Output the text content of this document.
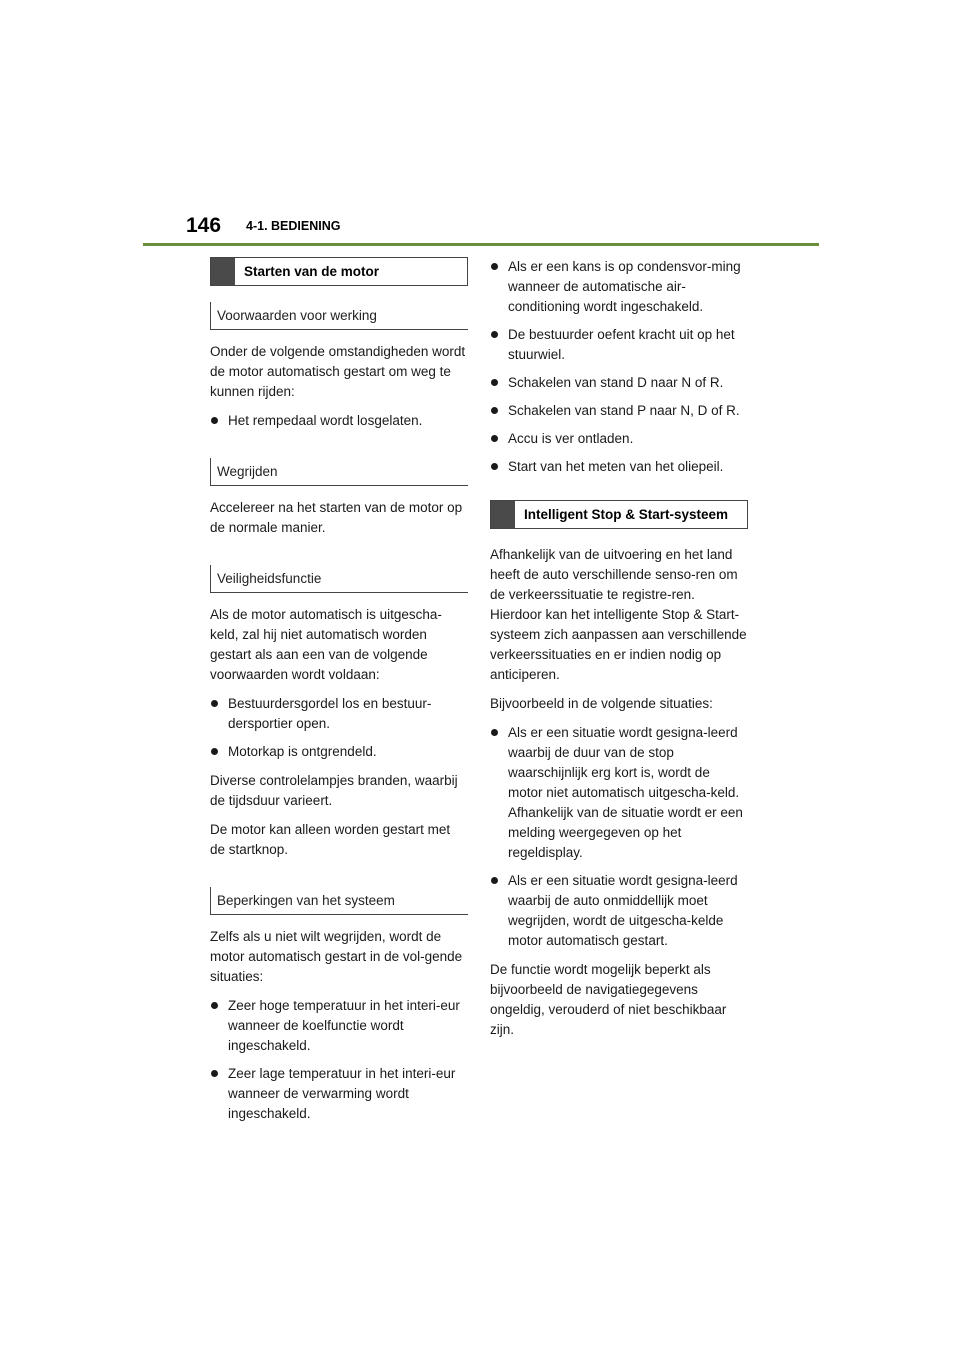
146 4-1. BEDIENING
Starten van de motor
Voorwaarden voor werking

Onder de volgende omstandigheden wordt de motor automatisch gestart om weg te kunnen rijden:

Het rempedaal wordt losgelaten.
Wegrijden

Accelereer na het starten van de motor op de normale manier.

Veiligheidsfunctie

Als de motor automatisch is uitgescha-keld, zal hij niet automatisch worden gestart als aan een van de volgende voorwaarden wordt voldaan:

Bestuurdersgordel los en bestuur-dersportier open.
Motorkap is ontgrendeld.

Diverse controlelampjes branden, waarbij de tijdsduur varieert.

De motor kan alleen worden gestart met de startknop.

Beperkingen van het systeem

Zelfs als u niet wilt wegrijden, wordt de motor automatisch gestart in de vol-gende situaties:

Zeer hoge temperatuur in het interi-eur wanneer de koelfunctie wordt ingeschakeld.
Zeer lage temperatuur in het interi-eur wanneer de verwarming wordt ingeschakeld.
Als er een kans is op condensvor-ming wanneer de automatische air-conditioning wordt ingeschakeld.
De bestuurder oefent kracht uit op het stuurwiel.
Schakelen van stand D naar N of R.
Schakelen van stand P naar N, D of R.
Accu is ver ontladen.
Start van het meten van het oliepeil.
Intelligent Stop & Start-systeem

Afhankelijk van de uitvoering en het land heeft de auto verschillende senso-ren om de verkeerssituatie te registre-ren. Hierdoor kan het intelligente Stop & Start-systeem zich aanpassen aan verschillende verkeerssituaties en er indien nodig op anticiperen.

Bijvoorbeeld in de volgende situaties:

Als er een situatie wordt gesigna-leerd waarbij de duur van de stop waarschijnlijk erg kort is, wordt de motor niet automatisch uitgescha-keld. Afhankelijk van de situatie wordt er een melding weergegeven op het regeldisplay.
Als er een situatie wordt gesigna-leerd waarbij de auto onmiddellijk moet wegrijden, wordt de uitgescha-kelde motor automatisch gestart.

De functie wordt mogelijk beperkt als bijvoorbeeld de navigatiegegevens ongeldig, verouderd of niet beschikbaar zijn.
